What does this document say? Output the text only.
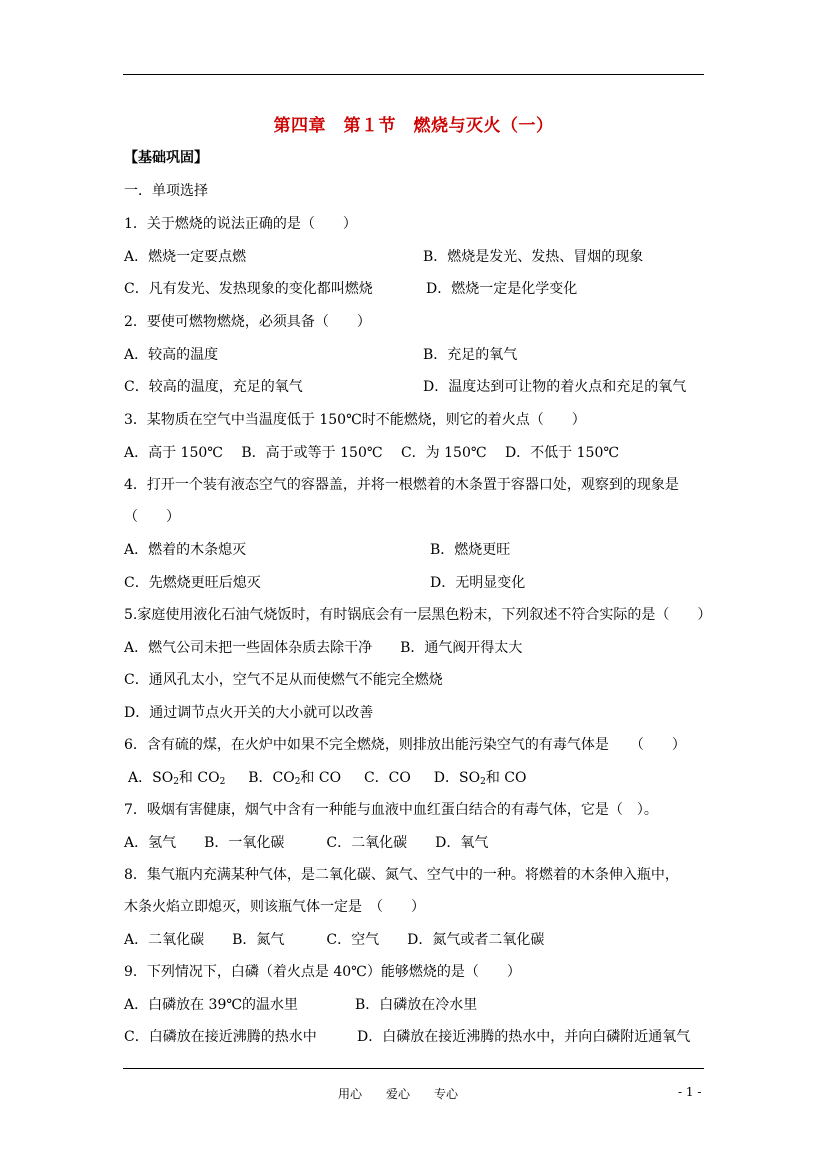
第四章　第１节　燃烧与灭火（一）
【基础巩固】
一．单项选择
1．关于燃烧的说法正确的是（　　）
A．燃烧一定要点燃	B．燃烧是发光、发热、冒烟的现象
C．凡有发光、发热现象的变化都叫燃烧	D．燃烧一定是化学变化
2．要使可燃物燃烧，必须具备（　　）
A．较高的温度	B．充足的氧气
C．较高的温度，充足的氧气	D．温度达到可让物的着火点和充足的氧气
3．某物质在空气中当温度低于 150℃时不能燃烧，则它的着火点（　　）
A．高于 150℃　 B．高于或等于 150℃　 C．为 150℃　 D．不低于 150℃
4．打开一个装有液态空气的容器盖，并将一根燃着的木条置于容器口处，观察到的现象是
（　　）
A．燃着的木条熄灭	B．燃烧更旺
C．先燃烧更旺后熄灭	D．无明显变化
5.家庭使用液化石油气烧饭时，有时锅底会有一层黑色粉末，下列叙述不符合实际的是（　　）
A．燃气公司未把一些固体杂质去除干净　　B．通气阀开得太大
C．通风孔太小，空气不足从而使燃气不能完全燃烧
D．通过调节点火开关的大小就可以改善
6．含有硫的煤，在火炉中如果不完全燃烧，则排放出能污染空气的有毒气体是　　（　　）
A．$SO_2$和 $CO_2$　 B．$CO_2$和 CO　 C．CO　 D．$SO_2$和 CO
7．吸烟有害健康，烟气中含有一种能与血液中血红蛋白结合的有毒气体，它是（　）。
A．氢气　　B．一氧化碳　　　C．二氧化碳　　D．氧气
8．集气瓶内充满某种气体，是二氧化碳、氮气、空气中的一种。将燃着的木条伸入瓶中，
木条火焰立即熄灭，则该瓶气体一定是　（　　）
A．二氧化碳　　B．氮气　　　C．空气　　D．氮气或者二氧化碳
9．下列情况下，白磷（着火点是 40℃）能够燃烧的是（　　）
A．白磷放在 39℃的温水里	B．白磷放在冷水里
C．白磷放在接近沸腾的热水中	D．白磷放在接近沸腾的热水中，并向白磷附近通氧气
用心　　爱心　　专心	- 1 -
